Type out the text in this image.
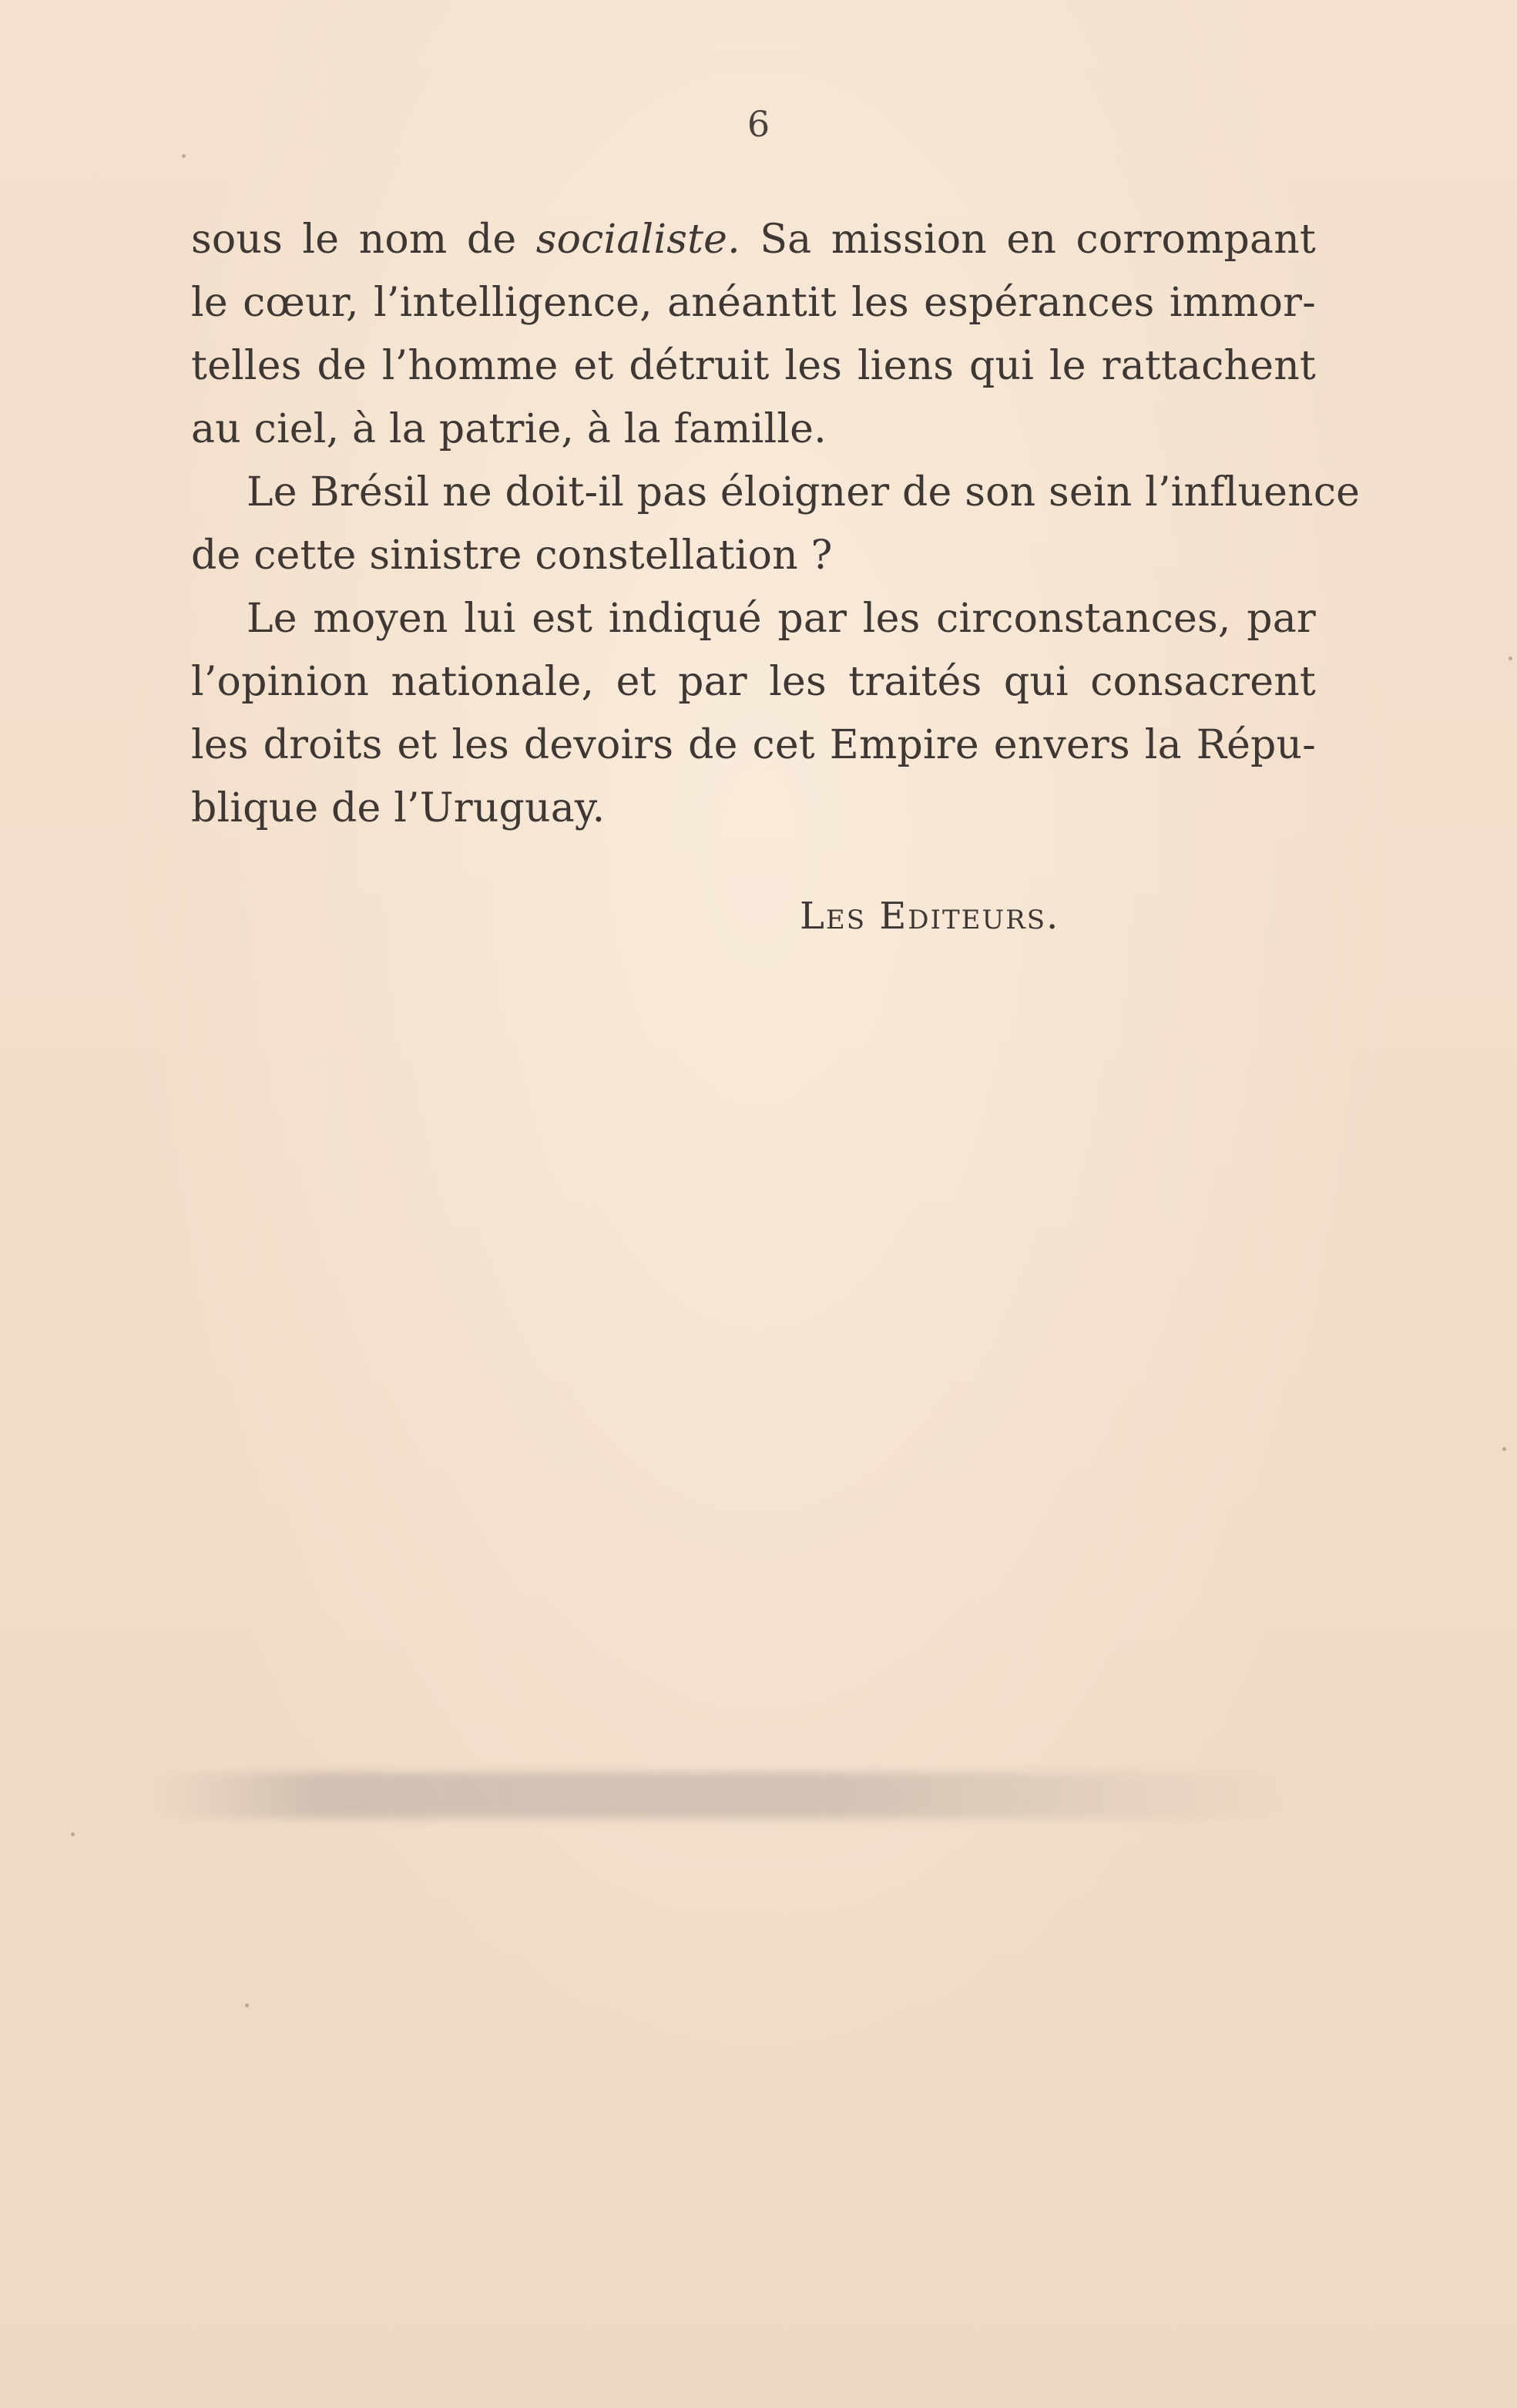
6
sous le nom de socialiste. Sa mission en corrompant
le cœur, l’intelligence, anéantit les espérances immor-
telles de l’homme et détruit les liens qui le rattachent
au ciel, à la patrie, à la famille.
Le Brésil ne doit-il pas éloigner de son sein l’influence
de cette sinistre constellation ?
Le moyen lui est indiqué par les circonstances, par
l’opinion nationale, et par les traités qui consacrent
les droits et les devoirs de cet Empire envers la Répu-
blique de l’Uruguay.
Les Editeurs.
